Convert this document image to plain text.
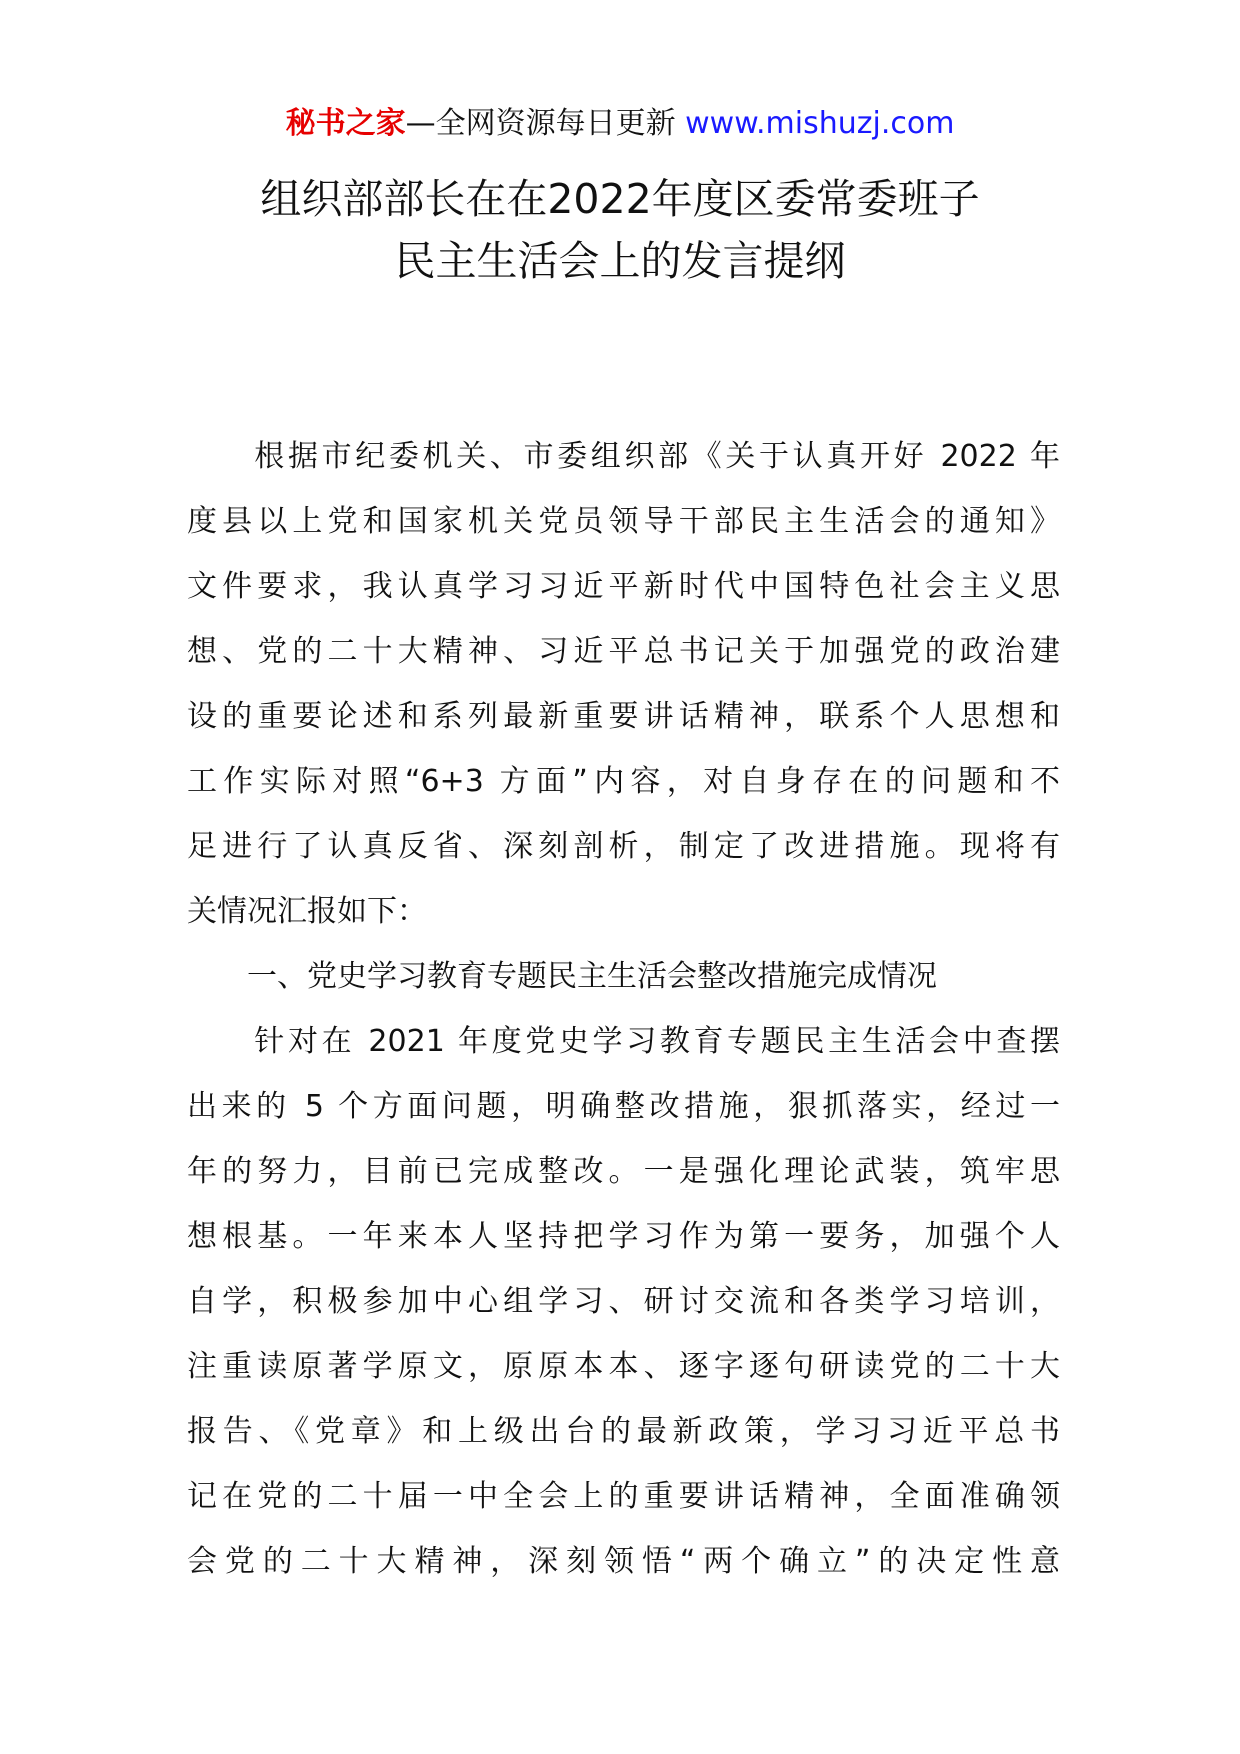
秘书之家—全网资源每日更新 www.mishuzj.com
组织部部长在在2022年度区委常委班子
民主生活会上的发言提纲
　　根据市纪委机关、市委组织部《关于认真开好 2022 年
度县以上党和国家机关党员领导干部民主生活会的通知》
文件要求，我认真学习习近平新时代中国特色社会主义思
想、党的二十大精神、习近平总书记关于加强党的政治建
设的重要论述和系列最新重要讲话精神，联系个人思想和
工作实际对照“6+3 方面”内容，对自身存在的问题和不
足进行了认真反省、深刻剖析，制定了改进措施。现将有
关情况汇报如下：
　　一、党史学习教育专题民主生活会整改措施完成情况
　　针对在 2021 年度党史学习教育专题民主生活会中查摆
出来的 5 个方面问题，明确整改措施，狠抓落实，经过一
年的努力，目前已完成整改。一是强化理论武装，筑牢思
想根基。一年来本人坚持把学习作为第一要务，加强个人
自学，积极参加中心组学习、研讨交流和各类学习培训，
注重读原著学原文，原原本本、逐字逐句研读党的二十大
报告、《党章》和上级出台的最新政策，学习习近平总书
记在党的二十届一中全会上的重要讲话精神，全面准确领
会党的二十大精神，深刻领悟“两个确立”的决定性意
